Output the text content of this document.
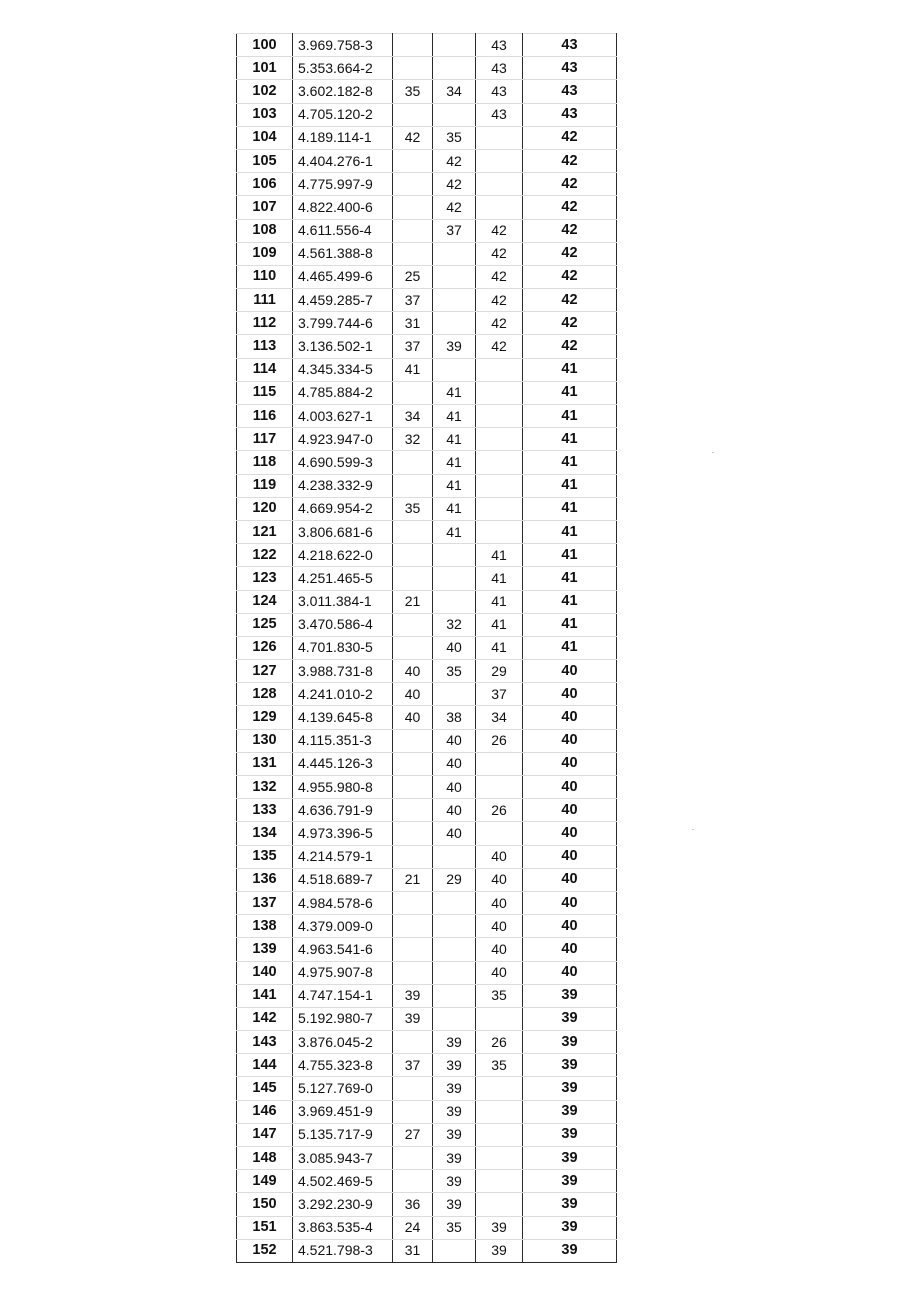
100	3.969.758-3			43	43
101	5.353.664-2			43	43
102	3.602.182-8	35	34	43	43
103	4.705.120-2			43	43
104	4.189.114-1	42	35		42
105	4.404.276-1		42		42
106	4.775.997-9		42		42
107	4.822.400-6		42		42
108	4.611.556-4		37	42	42
109	4.561.388-8			42	42
110	4.465.499-6	25		42	42
111	4.459.285-7	37		42	42
112	3.799.744-6	31		42	42
113	3.136.502-1	37	39	42	42
114	4.345.334-5	41			41
115	4.785.884-2		41		41
116	4.003.627-1	34	41		41
117	4.923.947-0	32	41		41
118	4.690.599-3		41		41
119	4.238.332-9		41		41
120	4.669.954-2	35	41		41
121	3.806.681-6		41		41
122	4.218.622-0			41	41
123	4.251.465-5			41	41
124	3.011.384-1	21		41	41
125	3.470.586-4		32	41	41
126	4.701.830-5		40	41	41
127	3.988.731-8	40	35	29	40
128	4.241.010-2	40		37	40
129	4.139.645-8	40	38	34	40
130	4.115.351-3		40	26	40
131	4.445.126-3		40		40
132	4.955.980-8		40		40
133	4.636.791-9		40	26	40
134	4.973.396-5		40		40
135	4.214.579-1			40	40
136	4.518.689-7	21	29	40	40
137	4.984.578-6			40	40
138	4.379.009-0			40	40
139	4.963.541-6			40	40
140	4.975.907-8			40	40
141	4.747.154-1	39		35	39
142	5.192.980-7	39			39
143	3.876.045-2		39	26	39
144	4.755.323-8	37	39	35	39
145	5.127.769-0		39		39
146	3.969.451-9		39		39
147	5.135.717-9	27	39		39
148	3.085.943-7		39		39
149	4.502.469-5		39		39
150	3.292.230-9	36	39		39
151	3.863.535-4	24	35	39	39
152	4.521.798-3	31		39	39
